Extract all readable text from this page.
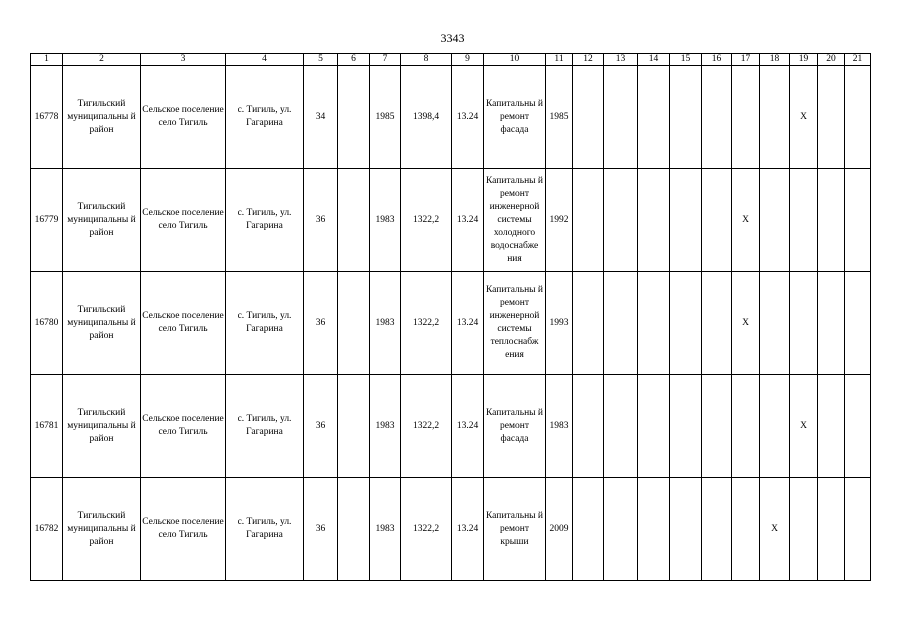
3343
1	2	3	4	5	6	7	8	9	10	11	12	13	14	15	16	17	18	19	20	21
16778	Тигильский муниципальны й район	Сельское поселение село Тигиль	с. Тигиль, ул. Гагарина	34		1985	1398,4	13.24	Капитальны й ремонт фасада	1985								X		
16779	Тигильский муниципальны й район	Сельское поселение село Тигиль	с. Тигиль, ул. Гагарина	36		1983	1322,2	13.24	Капитальны й ремонт инженерной системы холодного водоснабже ния	1992						X				
16780	Тигильский муниципальны й район	Сельское поселение село Тигиль	с. Тигиль, ул. Гагарина	36		1983	1322,2	13.24	Капитальны й ремонт инженерной системы теплоснабж ения	1993						X				
16781	Тигильский муниципальны й район	Сельское поселение село Тигиль	с. Тигиль, ул. Гагарина	36		1983	1322,2	13.24	Капитальны й ремонт фасада	1983								X		
16782	Тигильский муниципальны й район	Сельское поселение село Тигиль	с. Тигиль, ул. Гагарина	36		1983	1322,2	13.24	Капитальны й ремонт крыши	2009							X			
